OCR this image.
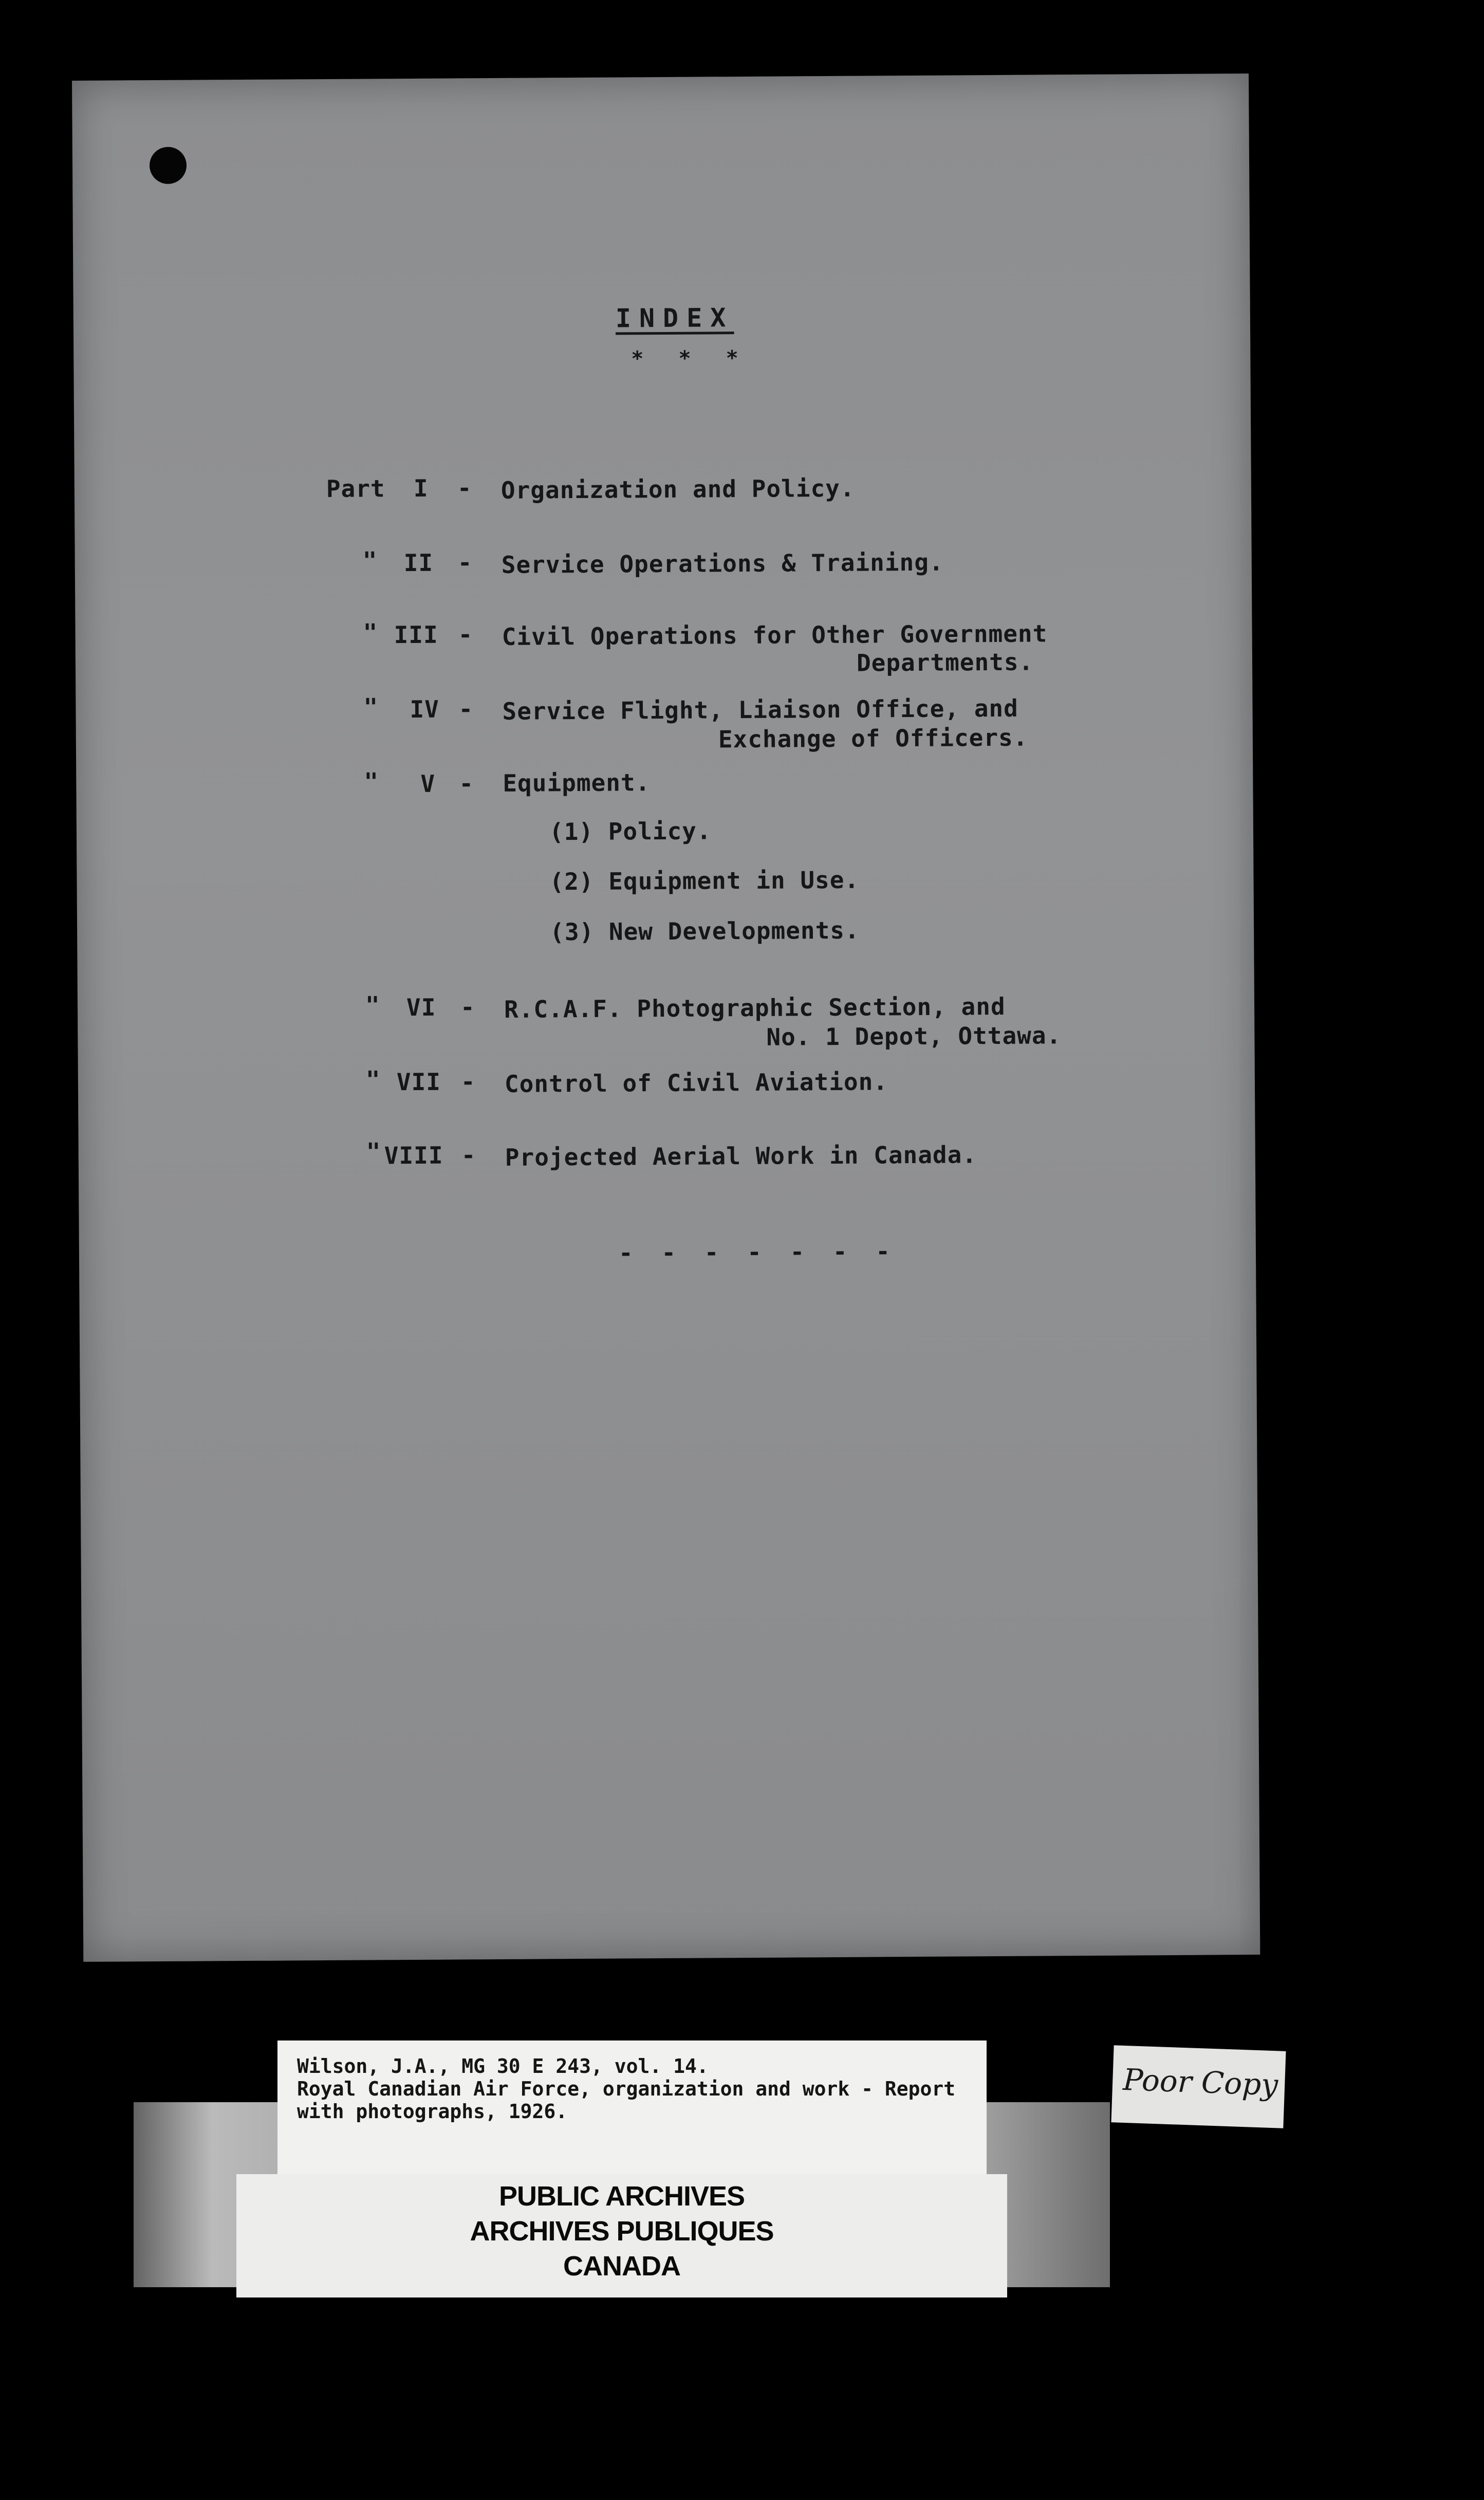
INDEX
* * *
Part I - Organization and Policy.
" II - Service Operations & Training.
" III - Civil Operations for Other Government
Departments.
" IV - Service Flight, Liaison Office, and
Exchange of Officers.
" V - Equipment.
(1) Policy.
(2) Equipment in Use.
(3) New Developments.
" VI - R.C.A.F. Photographic Section, and
No. 1 Depot, Ottawa.
" VII - Control of Civil Aviation.
" VIII - Projected Aerial Work in Canada.
- - - - - - -
Wilson, J.A., MG 30 E 243, vol. 14.
Royal Canadian Air Force, organization and work - Report
with photographs, 1926.
PUBLIC ARCHIVES
ARCHIVES PUBLIQUES
CANADA
Poor Copy
